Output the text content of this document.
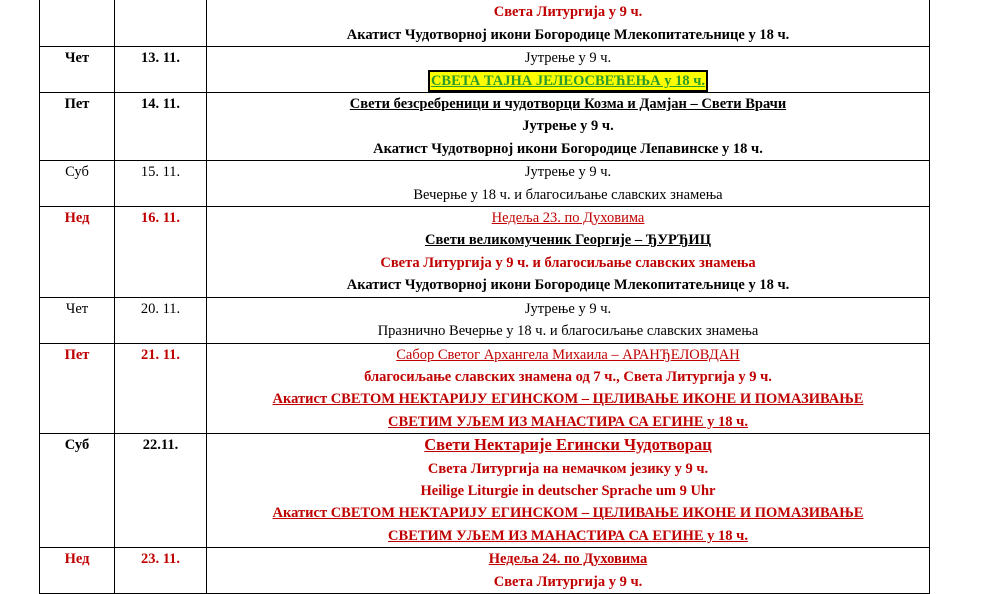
Света Литургија у 9 ч.
Акатист Чудотворној икони Богородице Млекопитатељнице у 18 ч.

Чет	13. 11.	Јутрење у 9 ч.
СВЕТА ТАЈНА ЈЕЛЕОСВЕЋЕЊА у 18 ч.

Пет	14. 11.	Свети безсребреници и чудотворци Козма и Дамјан – Свети Врачи
Јутрење у 9 ч.
Акатист Чудотворној икони Богородице Лепавинске у 18 ч.

Суб	15. 11.	Јутрење у 9 ч.
Вечерње у 18 ч. и благосиљање славских знамења

Нед	16. 11.	Недеља 23. по Духовима
Свети великомученик Георгије – ЂУРЂИЦ
Света Литургија у 9 ч. и благосиљање славских знамења
Акатист Чудотворној икони Богородице Млекопитатељнице у 18 ч.

Чет	20. 11.	Јутрење у 9 ч.
Празнично Вечерње у 18 ч. и благосиљање славских знамења

Пет	21. 11.	Сабор Светог Архангела Михаила – АРАНЂЕЛОВДАН
благосиљање славских знамена од 7 ч., Света Литургија у 9 ч.
Акатист СВЕТОМ НЕКТАРИЈУ ЕГИНСКОМ – ЦЕЛИВАЊЕ ИКОНЕ И ПОМАЗИВАЊЕ
СВЕТИМ УЉЕМ ИЗ МАНАСТИРА СА ЕГИНЕ у 18 ч.

Суб	22.11.	Свети Нектарије Егински Чудотворац
Света Литургија на немачком језику у 9 ч.
Heilige Liturgie in deutscher Sprache um 9 Uhr
Акатист СВЕТОМ НЕКТАРИЈУ ЕГИНСКОМ – ЦЕЛИВАЊЕ ИКОНЕ И ПОМАЗИВАЊЕ
СВЕТИМ УЉЕМ ИЗ МАНАСТИРА СА ЕГИНЕ у 18 ч.

Нед	23. 11.	Недеља 24. по Духовима
Света Литургија у 9 ч.
